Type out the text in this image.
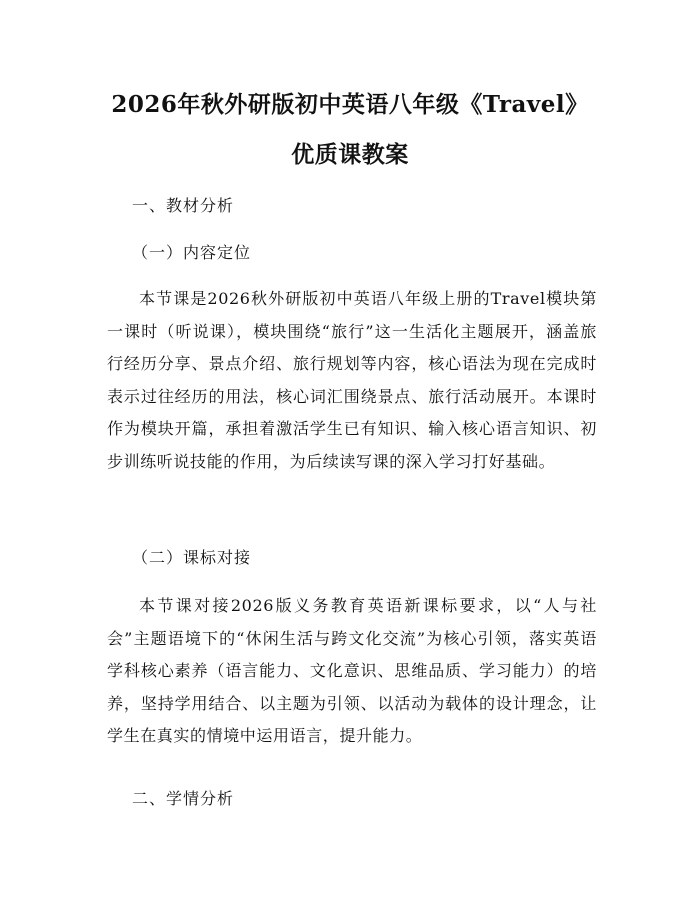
2026年秋外研版初中英语八年级《Travel》
优质课教案
一、教材分析
（一）内容定位

本节课是2026秋外研版初中英语八年级上册的Travel模块第一课时（听说课），模块围绕“旅行”这一生活化主题展开，涵盖旅行经历分享、景点介绍、旅行规划等内容，核心语法为现在完成时表示过往经历的用法，核心词汇围绕景点、旅行活动展开。本课时作为模块开篇，承担着激活学生已有知识、输入核心语言知识、初步训练听说技能的作用，为后续读写课的深入学习打好基础。

（二）课标对接

本节课对接2026版义务教育英语新课标要求，以“人与社会”主题语境下的“休闲生活与跨文化交流”为核心引领，落实英语学科核心素养（语言能力、文化意识、思维品质、学习能力）的培养，坚持学用结合、以主题为引领、以活动为载体的设计理念，让学生在真实的情境中运用语言，提升能力。

二、学情分析
